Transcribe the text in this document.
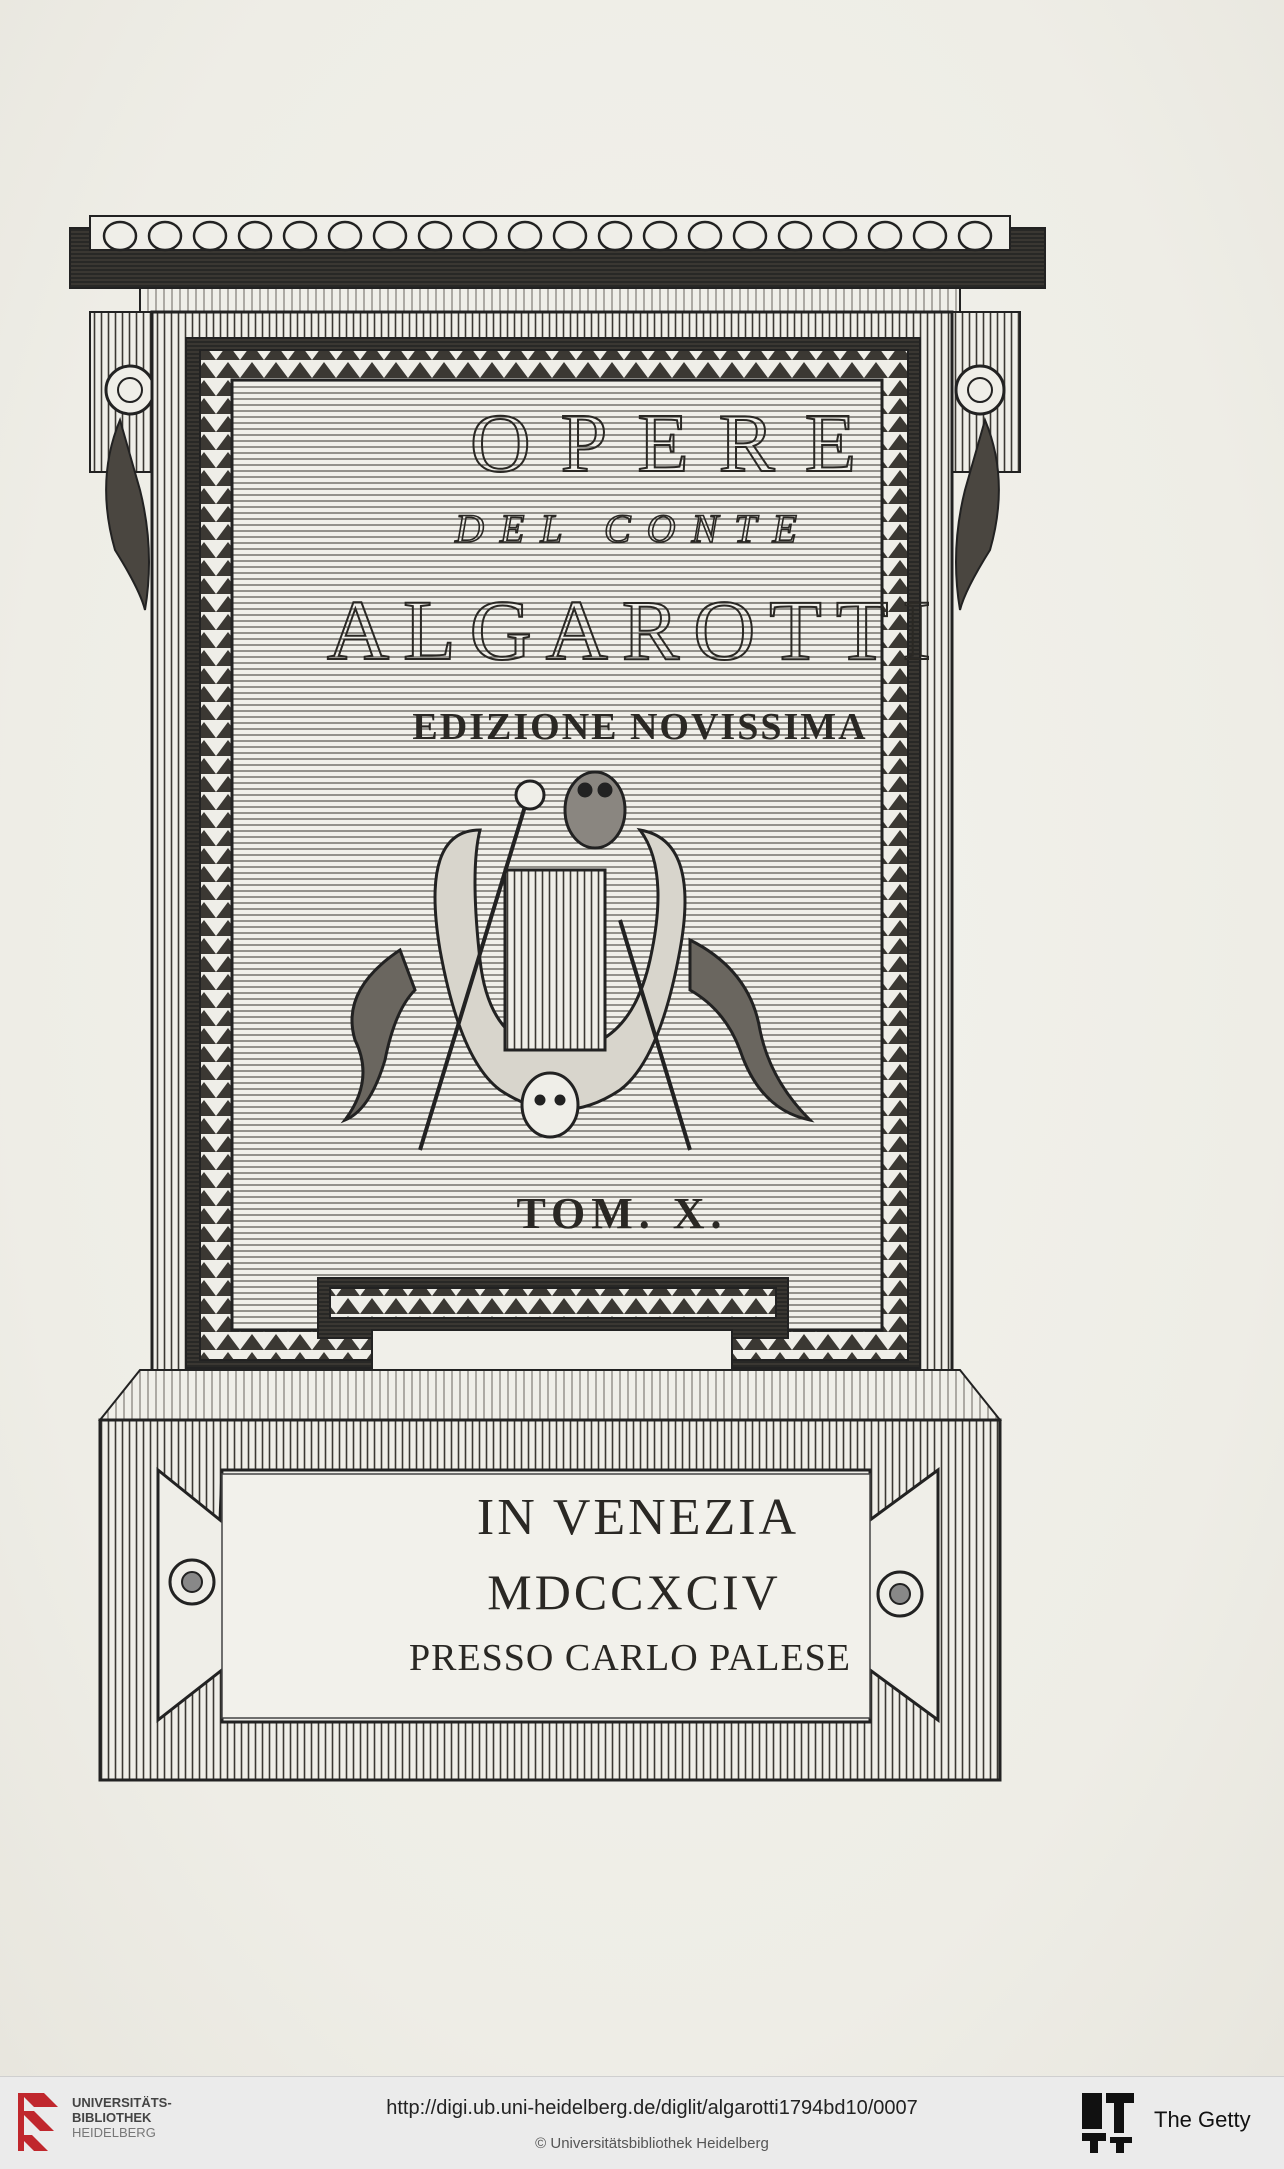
OPERE
DEL CONTE
ALGAROTTI
EDIZIONE NOVISSIMA
TOM. X.
IN VENEZIA
MDCCXCIV
PRESSO CARLO PALESE
UNIVERSITÄTS-
BIBLIOTHEK
HEIDELBERG
http://digi.ub.uni-heidelberg.de/diglit/algarotti1794bd10/0007
© Universitätsbibliothek Heidelberg
The Getty
